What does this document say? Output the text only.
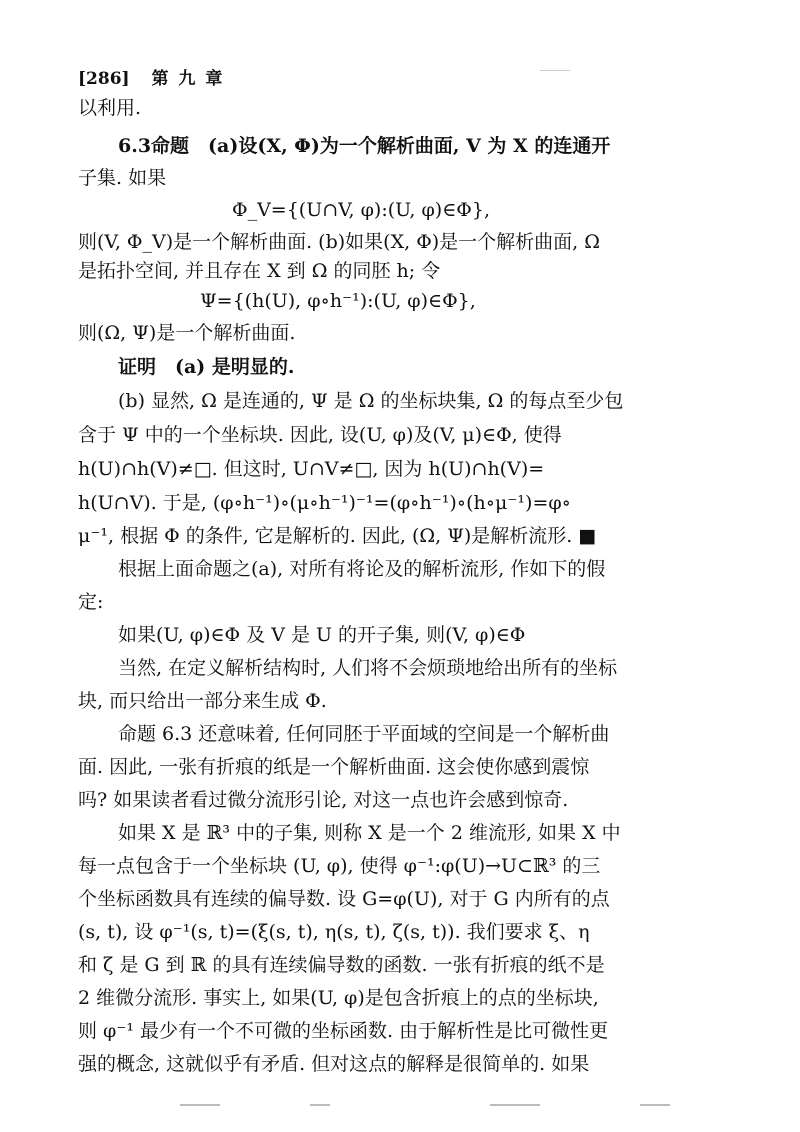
[286] 第 九 章
以利用.
6.3命题　(a)设(X, Φ)为一个解析曲面, V 为 X 的连通开
子集. 如果
Φ_V={(U∩V, φ):(U, φ)∈Φ},
则(V, Φ_V)是一个解析曲面. (b)如果(X, Φ)是一个解析曲面, Ω
是拓扑空间, 并且存在 X 到 Ω 的同胚 h; 令
Ψ={(h(U), φ∘h⁻¹):(U, φ)∈Φ},
则(Ω, Ψ)是一个解析曲面.
证明　(a) 是明显的.
(b) 显然, Ω 是连通的, Ψ 是 Ω 的坐标块集, Ω 的每点至少包
含于 Ψ 中的一个坐标块. 因此, 设(U, φ)及(V, μ)∈Φ, 使得
h(U)∩h(V)≠□. 但这时, U∩V≠□, 因为 h(U)∩h(V)=
h(U∩V). 于是, (φ∘h⁻¹)∘(μ∘h⁻¹)⁻¹=(φ∘h⁻¹)∘(h∘μ⁻¹)=φ∘
μ⁻¹, 根据 Φ 的条件, 它是解析的. 因此, (Ω, Ψ)是解析流形. ■
根据上面命题之(a), 对所有将论及的解析流形, 作如下的假
定:
如果(U, φ)∈Φ 及 V 是 U 的开子集, 则(V, φ)∈Φ
当然, 在定义解析结构时, 人们将不会烦琐地给出所有的坐标
块, 而只给出一部分来生成 Φ.
命题 6.3 还意味着, 任何同胚于平面域的空间是一个解析曲
面. 因此, 一张有折痕的纸是一个解析曲面. 这会使你感到震惊
吗? 如果读者看过微分流形引论, 对这一点也许会感到惊奇.
如果 X 是 ℝ³ 中的子集, 则称 X 是一个 2 维流形, 如果 X 中
每一点包含于一个坐标块 (U, φ), 使得 φ⁻¹:φ(U)→U⊂ℝ³ 的三
个坐标函数具有连续的偏导数. 设 G=φ(U), 对于 G 内所有的点
(s, t), 设 φ⁻¹(s, t)=(ξ(s, t), η(s, t), ζ(s, t)). 我们要求 ξ、η
和 ζ 是 G 到 ℝ 的具有连续偏导数的函数. 一张有折痕的纸不是
2 维微分流形. 事实上, 如果(U, φ)是包含折痕上的点的坐标块,
则 φ⁻¹ 最少有一个不可微的坐标函数. 由于解析性是比可微性更
强的概念, 这就似乎有矛盾. 但对这点的解释是很简单的. 如果
